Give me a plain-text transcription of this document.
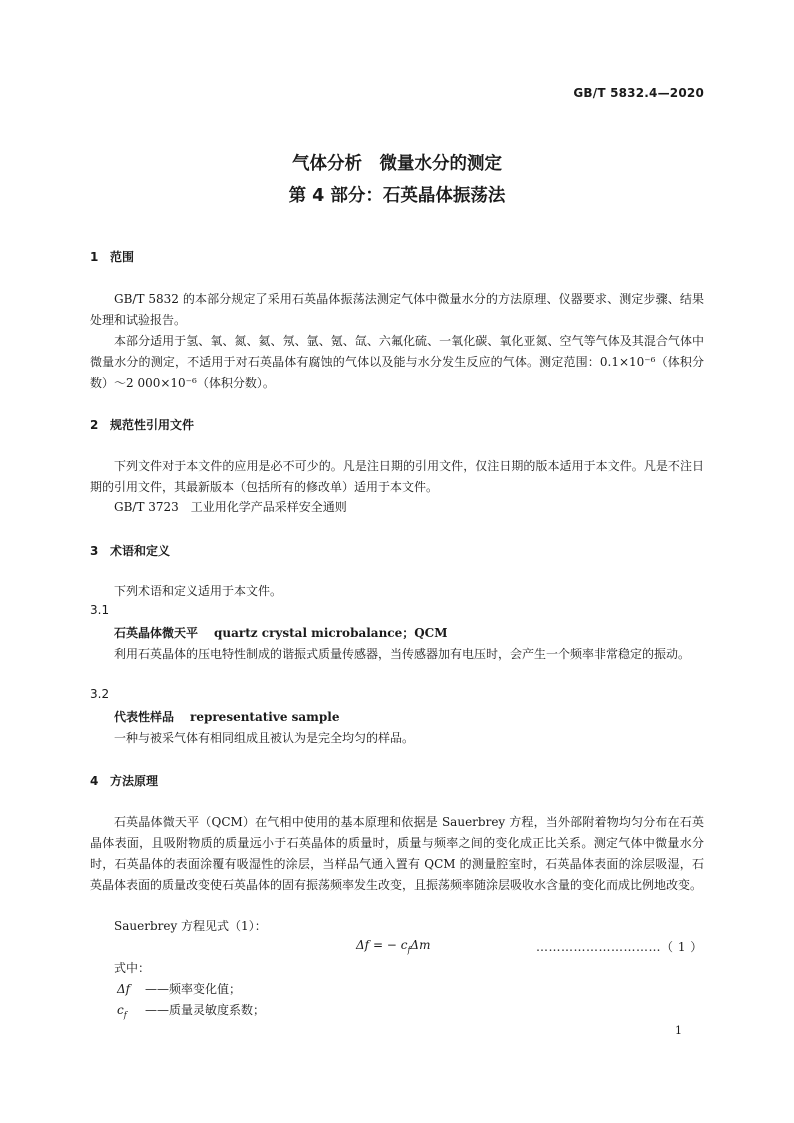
GB/T 5832.4—2020
气体分析　微量水分的测定
第 4 部分：石英晶体振荡法
1 范围
GB/T 5832 的本部分规定了采用石英晶体振荡法测定气体中微量水分的方法原理、仪器要求、测定步骤、结果处理和试验报告。
本部分适用于氢、氧、氮、氦、氖、氩、氪、氙、六氟化硫、一氧化碳、氧化亚氮、空气等气体及其混合气体中微量水分的测定，不适用于对石英晶体有腐蚀的气体以及能与水分发生反应的气体。测定范围：0.1×10⁻⁶（体积分数）～2 000×10⁻⁶（体积分数）。
2 规范性引用文件
下列文件对于本文件的应用是必不可少的。凡是注日期的引用文件，仅注日期的版本适用于本文件。凡是不注日期的引用文件，其最新版本（包括所有的修改单）适用于本文件。
GB/T 3723　工业用化学产品采样安全通则
3 术语和定义
下列术语和定义适用于本文件。
3.1
石英晶体微天平 quartz crystal microbalance；QCM
利用石英晶体的压电特性制成的谐振式质量传感器，当传感器加有电压时，会产生一个频率非常稳定的振动。
3.2
代表性样品 representative sample
一种与被采气体有相同组成且被认为是完全均匀的样品。
4 方法原理
石英晶体微天平（QCM）在气相中使用的基本原理和依据是 Sauerbrey 方程，当外部附着物均匀分布在石英晶体表面，且吸附物质的质量远小于石英晶体的质量时，质量与频率之间的变化成正比关系。测定气体中微量水分时，石英晶体的表面涂覆有吸湿性的涂层，当样品气通入置有 QCM 的测量腔室时，石英晶体表面的涂层吸湿，石英晶体表面的质量改变使石英晶体的固有振荡频率发生改变，且振荡频率随涂层吸收水含量的变化而成比例地改变。
Sauerbrey 方程见式（1）：
Δf = − $c_f\Delta m$	…………………………（ 1 ）
式中：
Δf ——频率变化值；
$c_f$ ——质量灵敏度系数；
1
